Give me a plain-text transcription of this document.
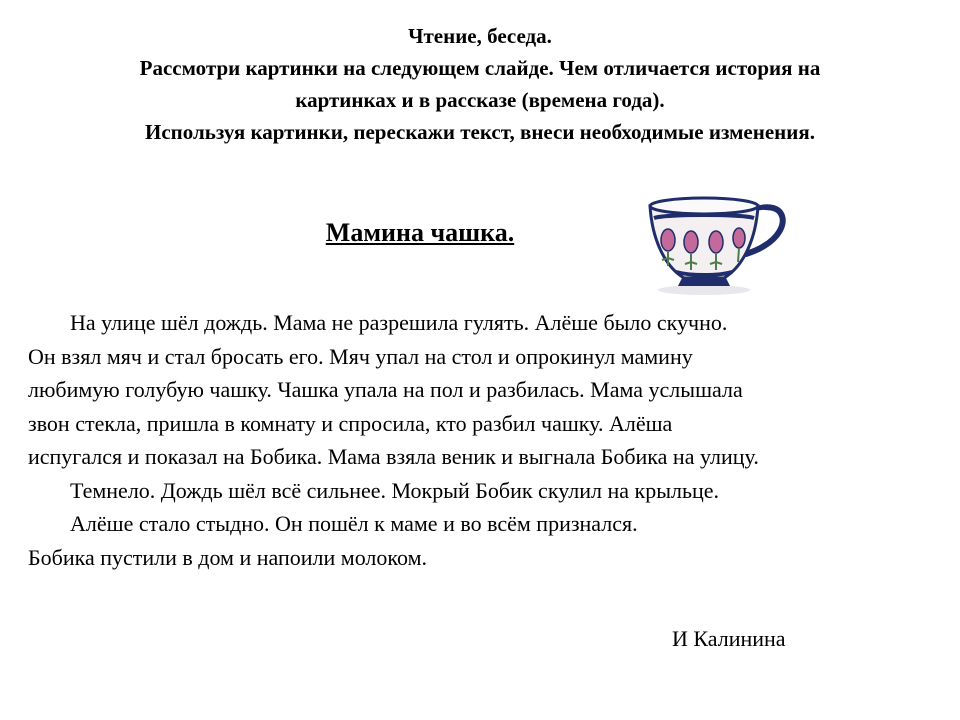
Чтение, беседа.
Рассмотри картинки на следующем слайде. Чем отличается история на
картинках и в рассказе (времена года).
Используя картинки, перескажи текст, внеси необходимые изменения.
Мамина чашка.

На улице шёл дождь. Мама не разрешила гулять. Алёше было скучно.

Он взял мяч и стал бросать его. Мяч упал на стол и опрокинул мамину

любимую голубую чашку. Чашка упала на пол и разбилась. Мама услышала

звон стекла, пришла в комнату и спросила, кто разбил чашку. Алёша

испугался и показал на Бобика. Мама взяла веник и выгнала Бобика на улицу.

Темнело. Дождь шёл всё сильнее. Мокрый Бобик скулил на крыльце.

Алёше стало стыдно. Он пошёл к маме и во всём признался.

Бобика пустили в дом и напоили молоком.

И Калинина
